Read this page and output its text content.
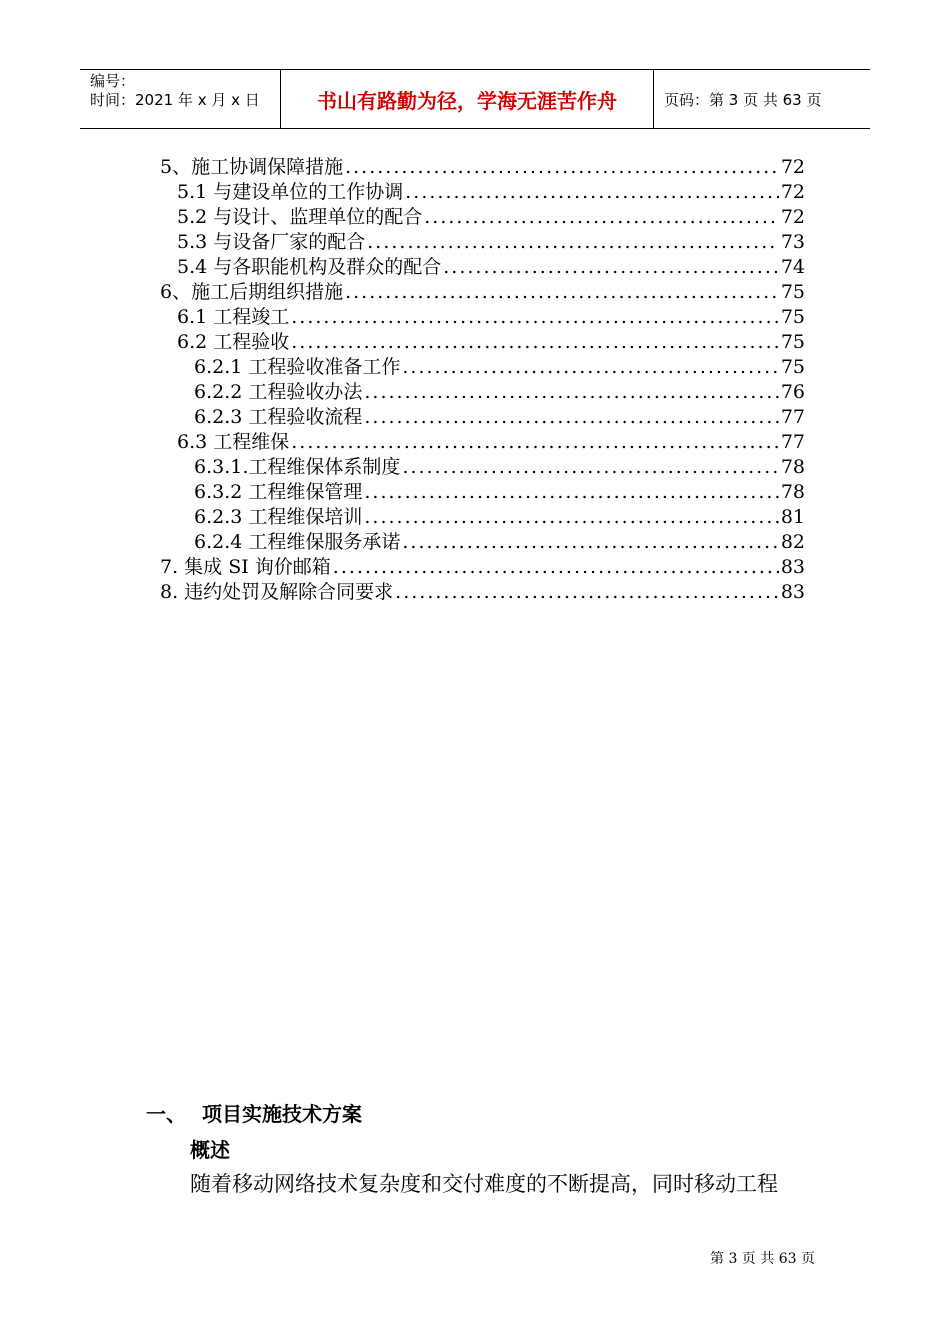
编号：
时间：2021 年 x 月 x 日	书山有路勤为径，学海无涯苦作舟	页码：第 3 页 共 63 页
5、施工协调保障措施 .....	72
5.1 与建设单位的工作协调 .....	72
5.2 与设计、监理单位的配合 .....	72
5.3 与设备厂家的配合 .....	73
5.4 与各职能机构及群众的配合 .....	74
6、施工后期组织措施 .....	75
6.1 工程竣工 .....	75
6.2 工程验收 .....	75
6.2.1 工程验收准备工作 .....	75
6.2.2 工程验收办法 .....	76
6.2.3 工程验收流程 .....	77
6.3 工程维保 .....	77
6.3.1.工程维保体系制度 .....	78
6.3.2 工程维保管理 .....	78
6.2.3 工程维保培训 .....	81
6.2.4 工程维保服务承诺 .....	82
7. 集成 SI 询价邮箱 .....	83
8. 违约处罚及解除合同要求 .....	83
一、 项目实施技术方案
概述
随着移动网络技术复杂度和交付难度的不断提高，同时移动工程
第 3 页 共 63 页
